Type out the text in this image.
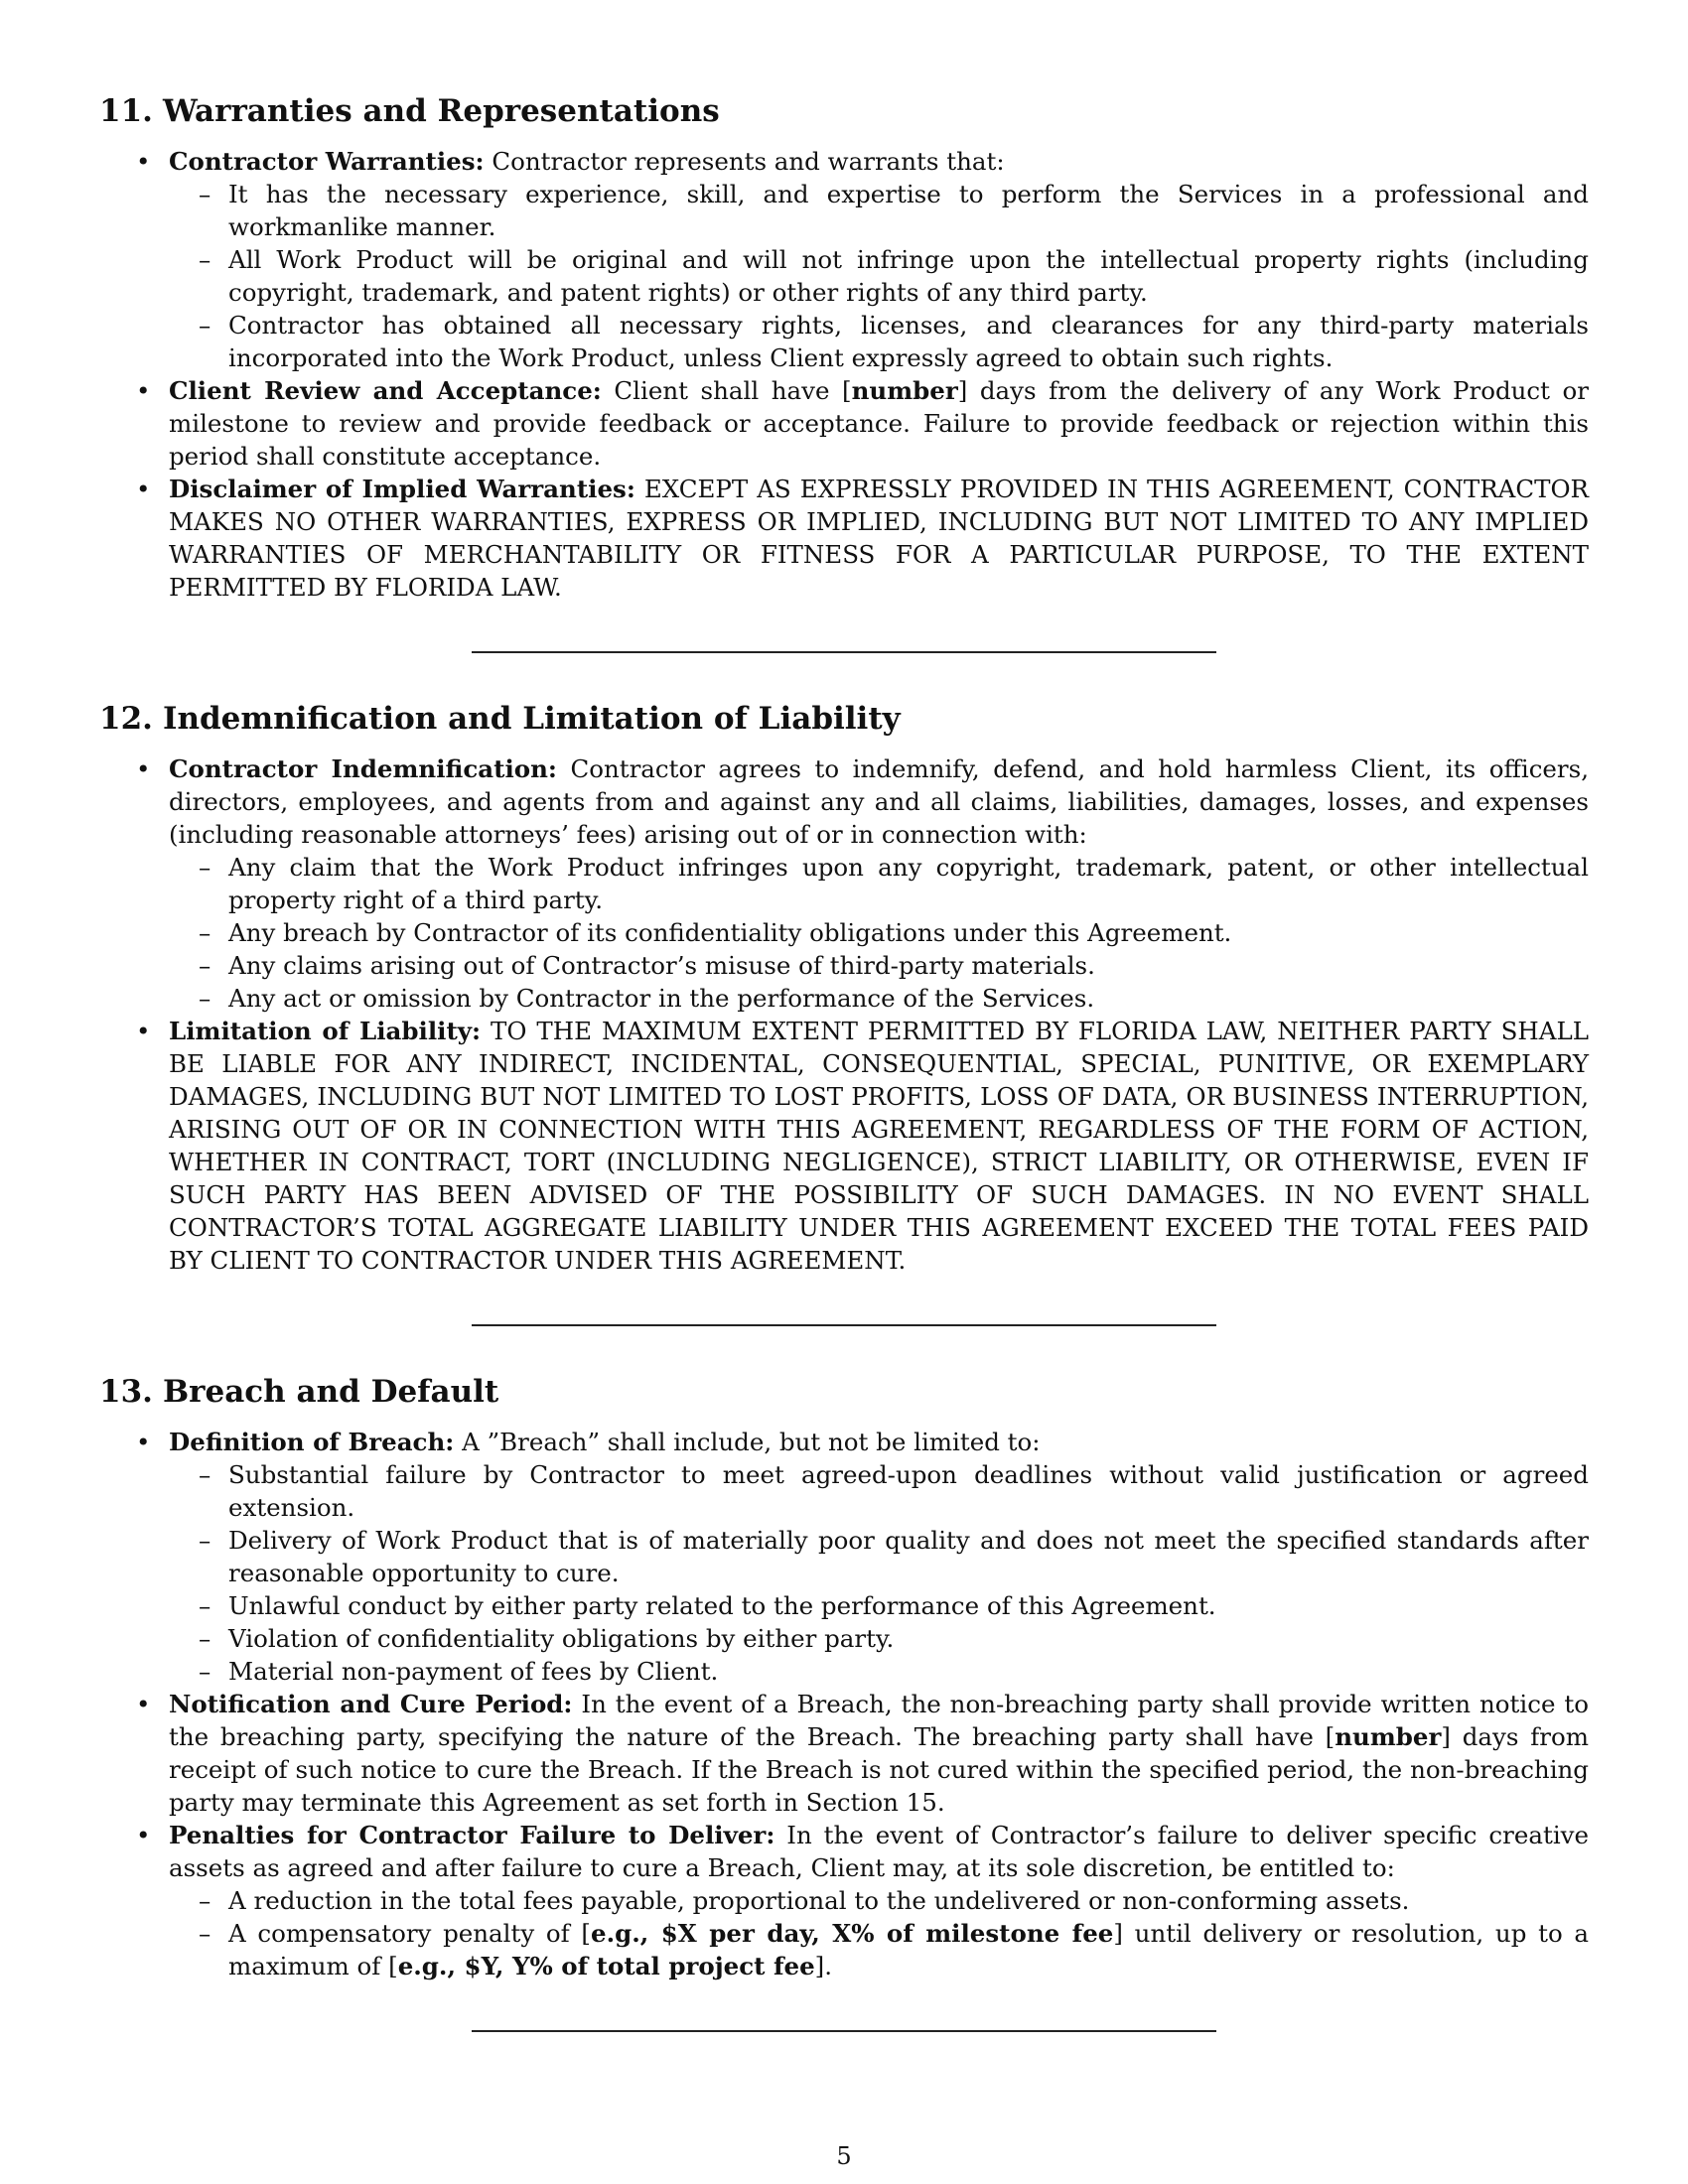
11. Warranties and Representations
• Contractor Warranties: Contractor represents and warrants that:
– It has the necessary experience, skill, and expertise to perform the Services in a professional and workmanlike manner.
– All Work Product will be original and will not infringe upon the intellectual property rights (including copyright, trademark, and patent rights) or other rights of any third party.
– Contractor has obtained all necessary rights, licenses, and clearances for any third-party materials incorporated into the Work Product, unless Client expressly agreed to obtain such rights.
• Client Review and Acceptance: Client shall have [number] days from the delivery of any Work Product or milestone to review and provide feedback or acceptance. Failure to provide feedback or rejection within this period shall constitute acceptance.
• Disclaimer of Implied Warranties: EXCEPT AS EXPRESSLY PROVIDED IN THIS AGREEMENT, CONTRACTOR MAKES NO OTHER WARRANTIES, EXPRESS OR IMPLIED, INCLUDING BUT NOT LIMITED TO ANY IMPLIED WARRANTIES OF MERCHANTABILITY OR FITNESS FOR A PARTICULAR PURPOSE, TO THE EXTENT PERMITTED BY FLORIDA LAW.
12. Indemnification and Limitation of Liability
• Contractor Indemnification: Contractor agrees to indemnify, defend, and hold harmless Client, its officers, directors, employees, and agents from and against any and all claims, liabilities, damages, losses, and expenses (including reasonable attorneys’ fees) arising out of or in connection with:
– Any claim that the Work Product infringes upon any copyright, trademark, patent, or other intellectual property right of a third party.
– Any breach by Contractor of its confidentiality obligations under this Agreement.
– Any claims arising out of Contractor’s misuse of third-party materials.
– Any act or omission by Contractor in the performance of the Services.
• Limitation of Liability: TO THE MAXIMUM EXTENT PERMITTED BY FLORIDA LAW, NEITHER PARTY SHALL BE LIABLE FOR ANY INDIRECT, INCIDENTAL, CONSEQUENTIAL, SPECIAL, PUNITIVE, OR EXEMPLARY DAMAGES, INCLUDING BUT NOT LIMITED TO LOST PROFITS, LOSS OF DATA, OR BUSINESS INTERRUPTION, ARISING OUT OF OR IN CONNECTION WITH THIS AGREEMENT, REGARDLESS OF THE FORM OF ACTION, WHETHER IN CONTRACT, TORT (INCLUDING NEGLIGENCE), STRICT LIABILITY, OR OTHERWISE, EVEN IF SUCH PARTY HAS BEEN ADVISED OF THE POSSIBILITY OF SUCH DAMAGES. IN NO EVENT SHALL CONTRACTOR’S TOTAL AGGREGATE LIABILITY UNDER THIS AGREEMENT EXCEED THE TOTAL FEES PAID BY CLIENT TO CONTRACTOR UNDER THIS AGREEMENT.
13. Breach and Default
• Definition of Breach: A ”Breach” shall include, but not be limited to:
– Substantial failure by Contractor to meet agreed-upon deadlines without valid justification or agreed extension.
– Delivery of Work Product that is of materially poor quality and does not meet the specified standards after reasonable opportunity to cure.
– Unlawful conduct by either party related to the performance of this Agreement.
– Violation of confidentiality obligations by either party.
– Material non-payment of fees by Client.
• Notification and Cure Period: In the event of a Breach, the non-breaching party shall provide written notice to the breaching party, specifying the nature of the Breach. The breaching party shall have [number] days from receipt of such notice to cure the Breach. If the Breach is not cured within the specified period, the non-breaching party may terminate this Agreement as set forth in Section 15.
• Penalties for Contractor Failure to Deliver: In the event of Contractor’s failure to deliver specific creative assets as agreed and after failure to cure a Breach, Client may, at its sole discretion, be entitled to:
– A reduction in the total fees payable, proportional to the undelivered or non-conforming assets.
– A compensatory penalty of [e.g., $X per day, X% of milestone fee] until delivery or resolution, up to a maximum of [e.g., $Y, Y% of total project fee].
5
